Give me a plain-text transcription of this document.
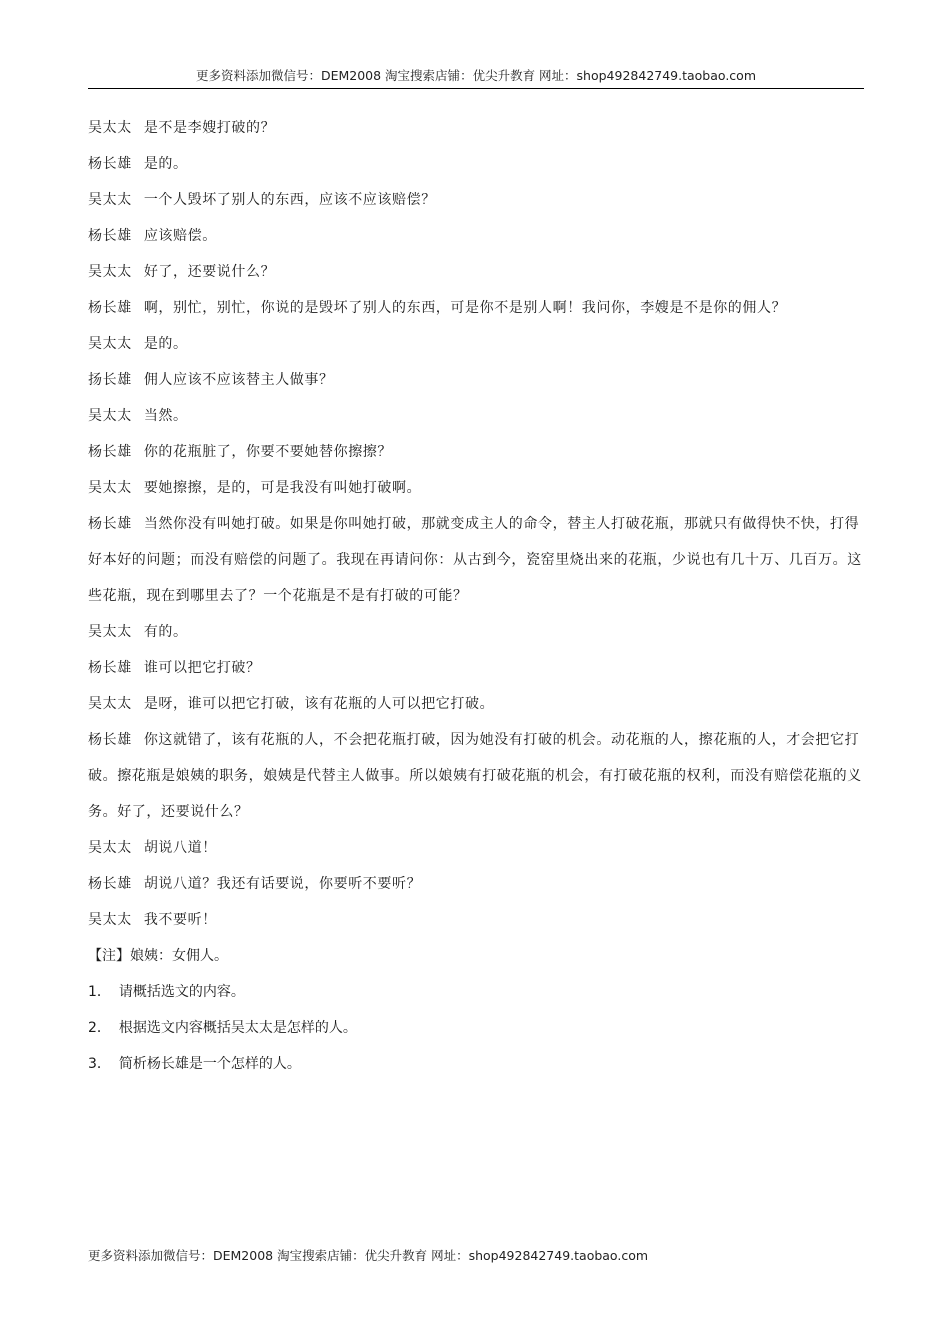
更多资料添加微信号：DEM2008 淘宝搜索店铺：优尖升教育 网址：shop492842749.taobao.com
吴太太 是不是李嫂打破的？
杨长雄 是的。
吴太太 一个人毁坏了别人的东西，应该不应该赔偿？
杨长雄 应该赔偿。
吴太太 好了，还要说什么？
杨长雄 啊，别忙，别忙，你说的是毁坏了别人的东西，可是你不是别人啊！我问你，李嫂是不是你的佣人？
吴太太 是的。
扬长雄 佣人应该不应该替主人做事？
吴太太 当然。
杨长雄 你的花瓶脏了，你要不要她替你擦擦？
吴太太 要她擦擦，是的，可是我没有叫她打破啊。
杨长雄 当然你没有叫她打破。如果是你叫她打破，那就变成主人的命令，替主人打破花瓶，那就只有做得快不快，打得好本好的问题；而没有赔偿的问题了。我现在再请问你：从古到今，瓷窑里烧出来的花瓶，少说也有几十万、几百万。这些花瓶，现在到哪里去了？一个花瓶是不是有打破的可能？
吴太太 有的。
杨长雄 谁可以把它打破？
吴太太 是呀，谁可以把它打破，该有花瓶的人可以把它打破。
杨长雄 你这就错了，该有花瓶的人，不会把花瓶打破，因为她没有打破的机会。动花瓶的人，擦花瓶的人，才会把它打破。擦花瓶是娘姨的职务，娘姨是代替主人做事。所以娘姨有打破花瓶的机会，有打破花瓶的权利，而没有赔偿花瓶的义务。好了，还要说什么？
吴太太 胡说八道！
杨长雄 胡说八道？我还有话要说，你要听不要听？
吴太太 我不要听！
【注】娘姨：女佣人。
1． 请概括选文的内容。
2． 根据选文内容概括吴太太是怎样的人。
3． 简析杨长雄是一个怎样的人。
更多资料添加微信号：DEM2008 淘宝搜索店铺：优尖升教育 网址：shop492842749.taobao.com
